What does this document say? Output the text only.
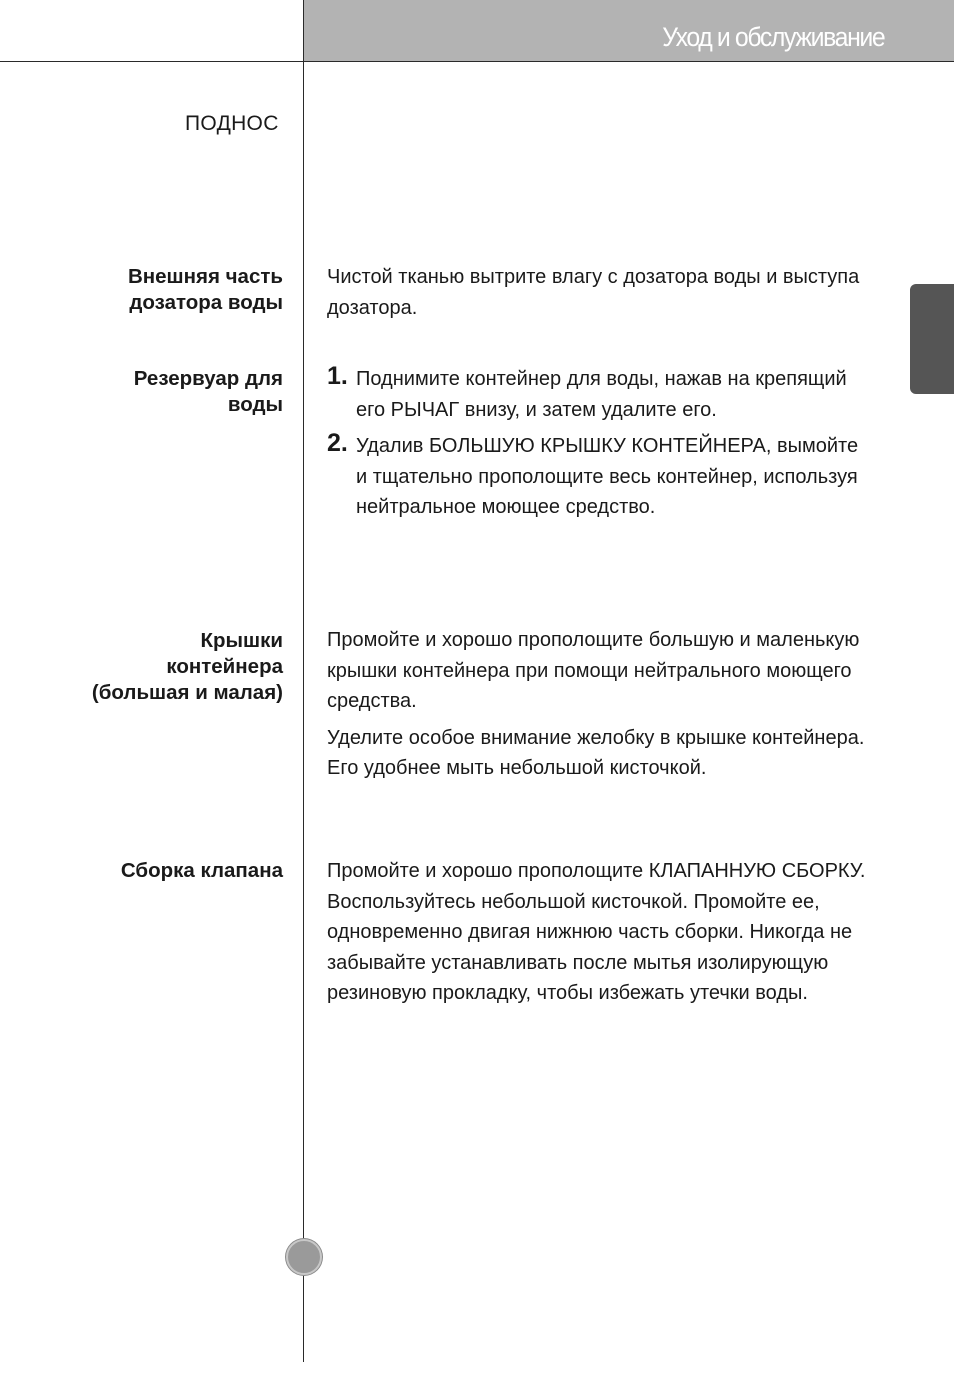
Уход и обслуживание
ПОДНОС
Внешняя часть
дозатора воды

Чистой тканью вытрите влагу с дозатора воды и выступа дозатора.

Резервуар для
воды
1. Поднимите контейнер для воды, нажав на крепящий его РЫЧАГ внизу, и затем удалите его.

2. Удалив БОЛЬШУЮ КРЫШКУ КОНТЕЙНЕРА, вымойте и тщательно прополощите весь контейнер, используя нейтральное моющее средство.

Крышки
контейнера
(большая и малая)

Промойте и хорошо прополощите большую и маленькую крышки контейнера при помощи нейтрального моющего средства.

Уделите особое внимание желобку в крышке контейнера. Его удобнее мыть небольшой кисточкой.

Сборка клапана Промойте и хорошо прополощите КЛАПАННУЮ СБОРКУ. Воспользуйтесь небольшой кисточкой. Промойте ее, одновременно двигая нижнюю часть сборки. Никогда не забывайте устанавливать после мытья изолирующую резиновую прокладку, чтобы избежать утечки воды.
